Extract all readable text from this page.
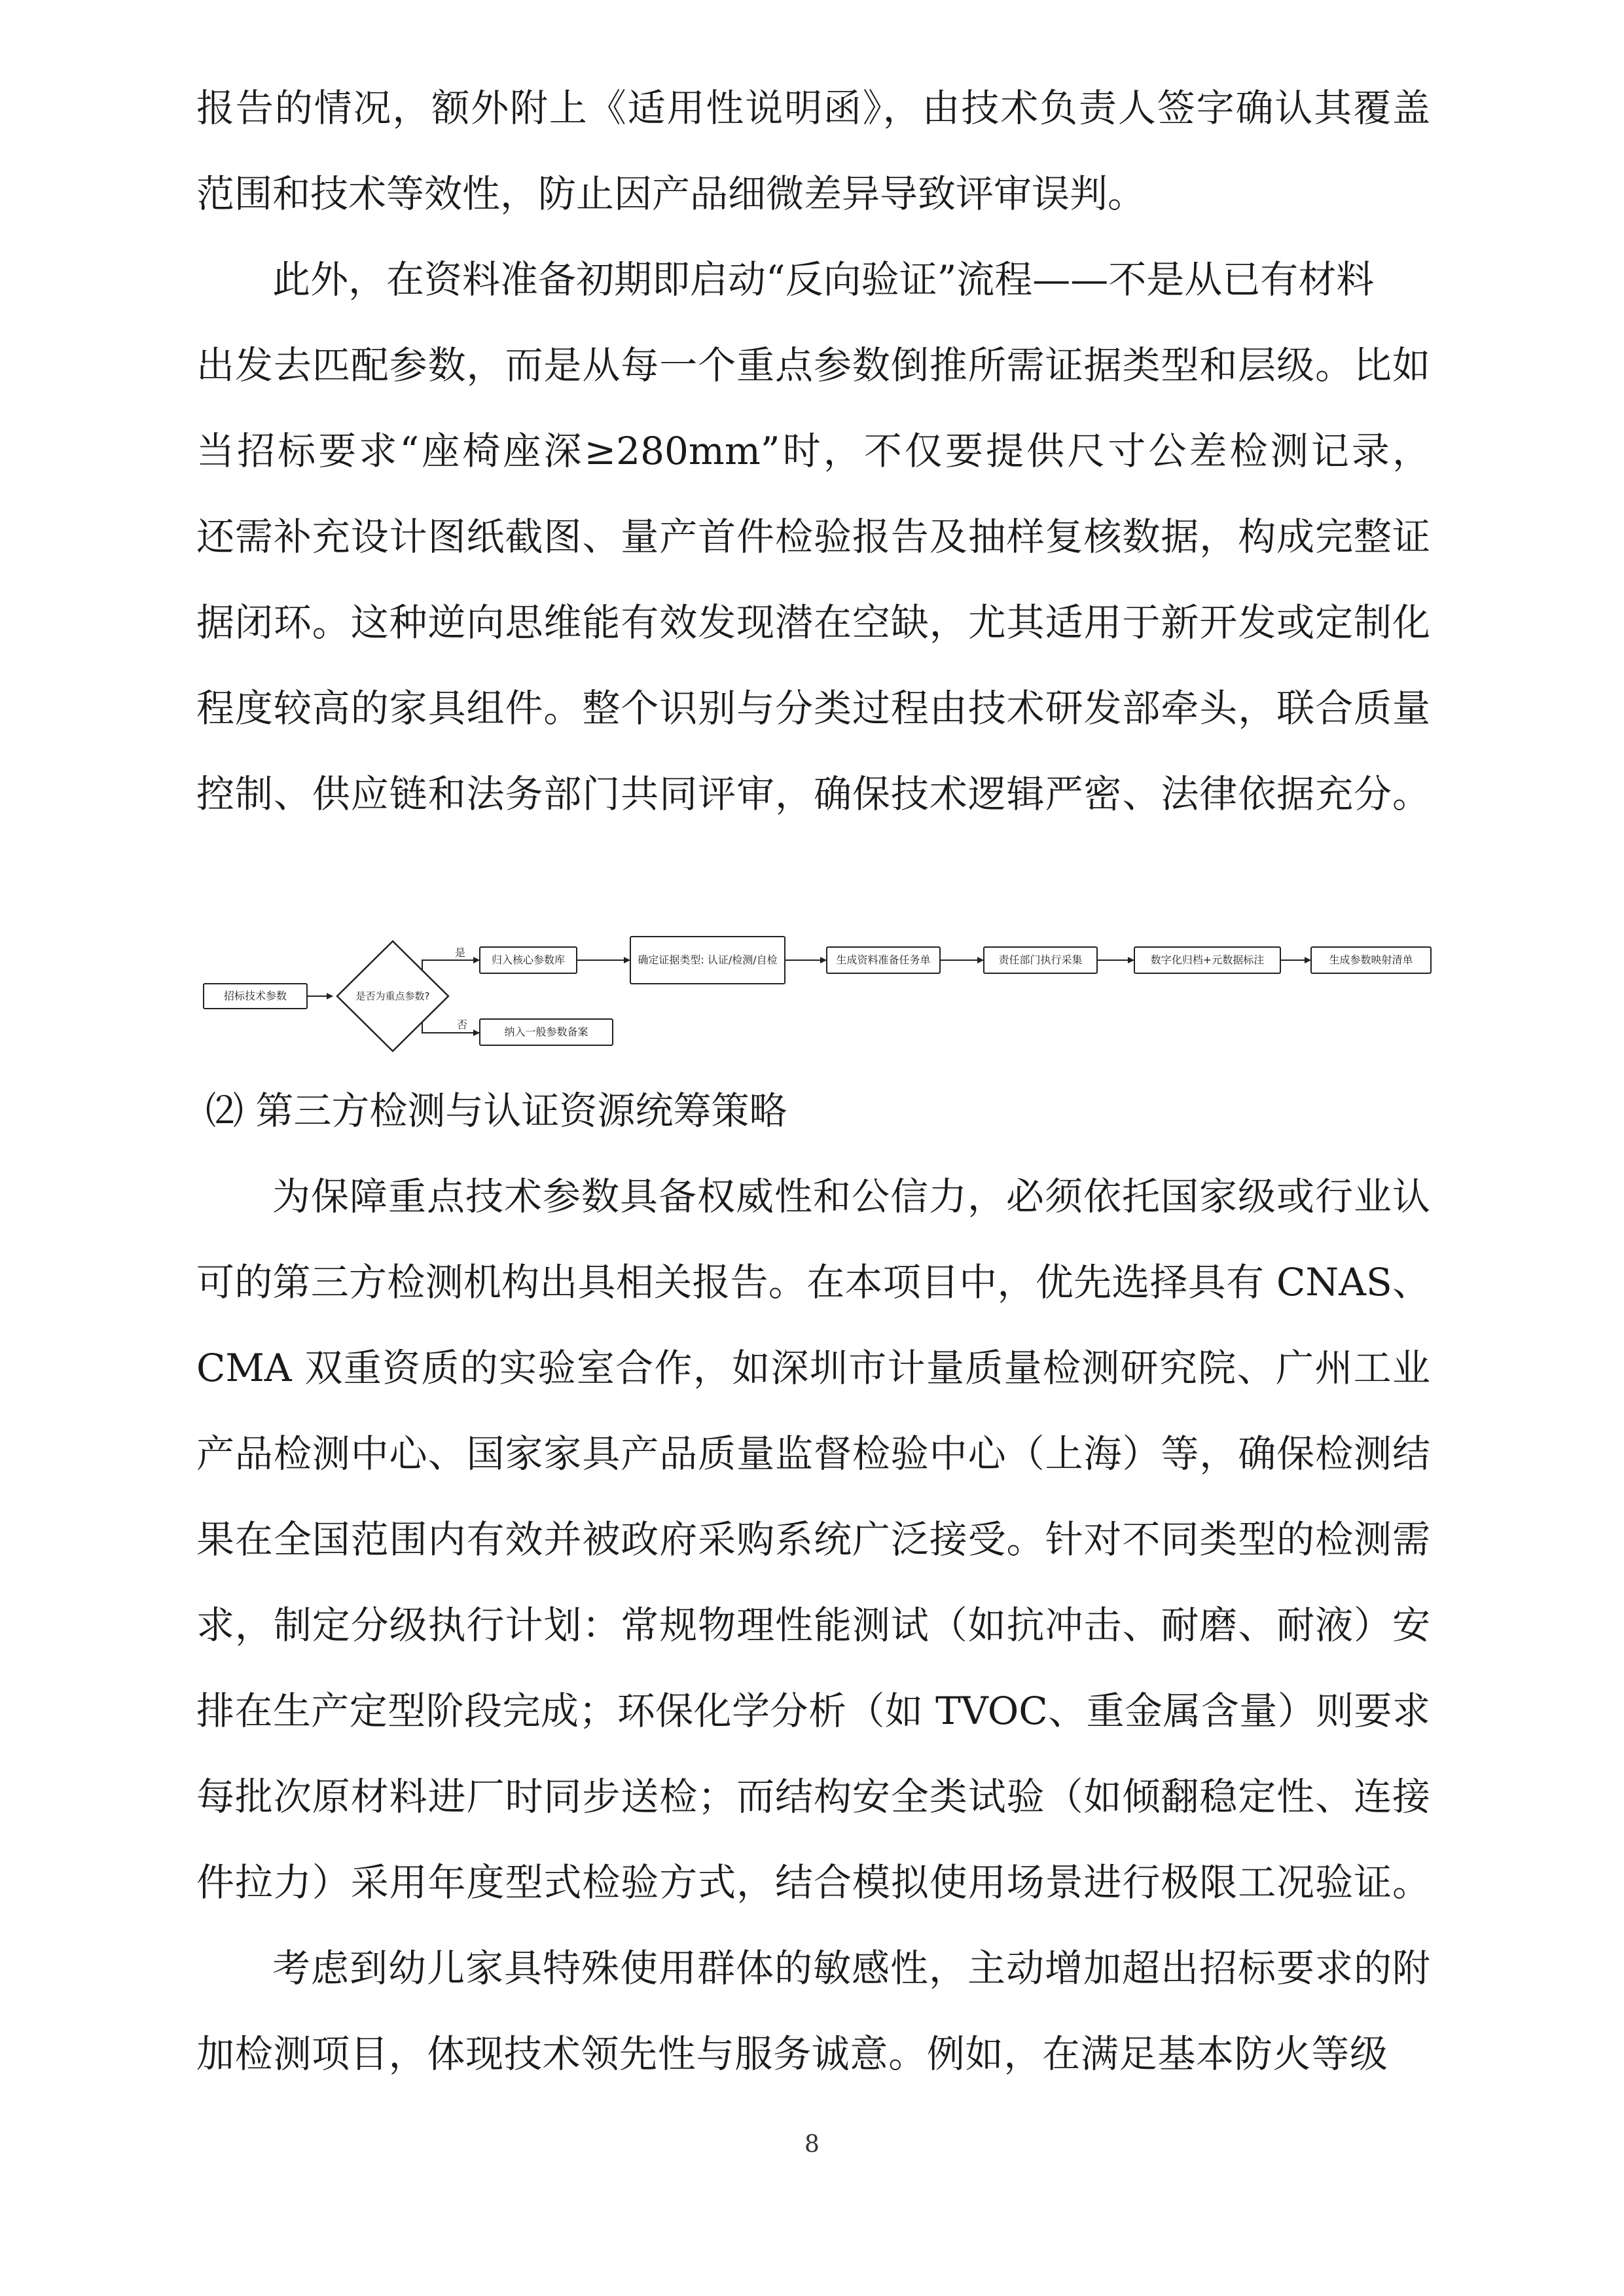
报告的情况，额外附上《适用性说明函》，由技术负责人签字确认其覆盖
范围和技术等效性，防止因产品细微差异导致评审误判。
此外，在资料准备初期即启动“反向验证”流程——不是从已有材料
出发去匹配参数，而是从每一个重点参数倒推所需证据类型和层级。比如
当招标要求“座椅座深≥280mm”时，不仅要提供尺寸公差检测记录，
还需补充设计图纸截图、量产首件检验报告及抽样复核数据，构成完整证
据闭环。这种逆向思维能有效发现潜在空缺，尤其适用于新开发或定制化
程度较高的家具组件。整个识别与分类过程由技术研发部牵头，联合质量
控制、供应链和法务部门共同评审，确保技术逻辑严密、法律依据充分。
招标技术参数	是否为重点参数?
是
否
归入核心参数库	确定证据类型: 认证/检测/自检	生成资料准备任务单	责任部门执行采集	数字化归档+元数据标注	生成参数映射清单
纳入一般参数备案
⑵ 第三方检测与认证资源统筹策略
为保障重点技术参数具备权威性和公信力，必须依托国家级或行业认
可的第三方检测机构出具相关报告。在本项目中，优先选择具有 CNAS、
CMA 双重资质的实验室合作，如深圳市计量质量检测研究院、广州工业
产品检测中心、国家家具产品质量监督检验中心（上海）等，确保检测结
果在全国范围内有效并被政府采购系统广泛接受。针对不同类型的检测需
求，制定分级执行计划：常规物理性能测试（如抗冲击、耐磨、耐液）安
排在生产定型阶段完成；环保化学分析（如 TVOC、重金属含量）则要求
每批次原材料进厂时同步送检；而结构安全类试验（如倾翻稳定性、连接
件拉力）采用年度型式检验方式，结合模拟使用场景进行极限工况验证。
考虑到幼儿家具特殊使用群体的敏感性，主动增加超出招标要求的附
加检测项目，体现技术领先性与服务诚意。例如，在满足基本防火等级
8
